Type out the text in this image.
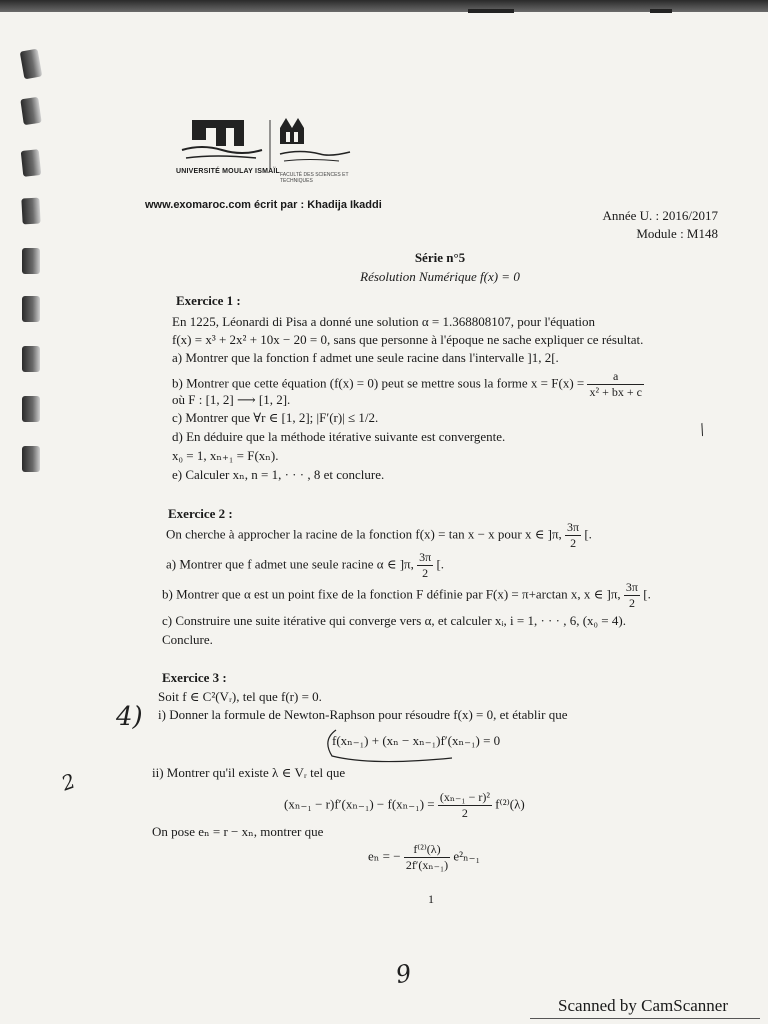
UNIVERSITÉ MOULAY ISMAÏL FACULTÉ DES SCIENCES ET TECHNIQUES
www.exomaroc.com écrit par : Khadija Ikaddi
Année U. : 2016/2017
Module : M148
Série n°5
Résolution Numérique f(x) = 0
Exercice 1 :
En 1225, Léonardi di Pisa a donné une solution α = 1.368808107, pour l'équation
f(x) = x³ + 2x² + 10x − 20 = 0, sans que personne à l'époque ne sache expliquer ce résultat.
a) Montrer que la fonction f admet une seule racine dans l'intervalle ]1, 2[.
b) Montrer que cette équation (f(x) = 0) peut se mettre sous la forme $x = F(x) = \frac{a}{\text{x² + bx + c}}$
où F : [1, 2] ⟶ [1, 2].
c) Montrer que ∀r ∈ [1, 2]; |F′(r)| ≤ 1/2.
d) En déduire que la méthode itérative suivante est convergente.
x₀ = 1, xₙ₊₁ = F(xₙ).
e) Calculer xₙ, n = 1, · · · , 8 et conclure.
Exercice 2 :
On cherche à approcher la racine de la fonction f(x) = tan x − x pour x ∈ ]π, $\frac{3\pi}{2}$ [.
a) Montrer que f admet une seule racine α ∈ ]π, $\frac{3\pi}{2}$ [.
b) Montrer que α est un point fixe de la fonction F définie par F(x) = π+arctan x, x ∈ ]π, $\frac{3\pi}{2}$ [.
c) Construire une suite itérative qui converge vers α, et calculer xᵢ, i = 1, · · · , 6, (x₀ = 4).
Conclure.
Exercice 3 :
Soit f ∈ C²(Vᵣ), tel que f(r) = 0.
i) Donner la formule de Newton-Raphson pour résoudre f(x) = 0, et établir que
f(xₙ₋₁) + (xₙ − xₙ₋₁)f′(xₙ₋₁) = 0
ii) Montrer qu'il existe λ ∈ Vᵣ tel que
$(x_{n-1} - r)f'(x_{n-1}) - f(x_{n-1}) = \frac{\text{(xₙ₋₁ − r)²}}{2} f^{(2)}(\lambda)$
On pose eₙ = r − xₙ, montrer que
eₙ = − $\frac{\text{f⁽²⁾(λ)}}{\text{2f′(xₙ₋₁)}} e^2_{n-1}$
1
4)
2
9
/
Scanned by CamScanner
